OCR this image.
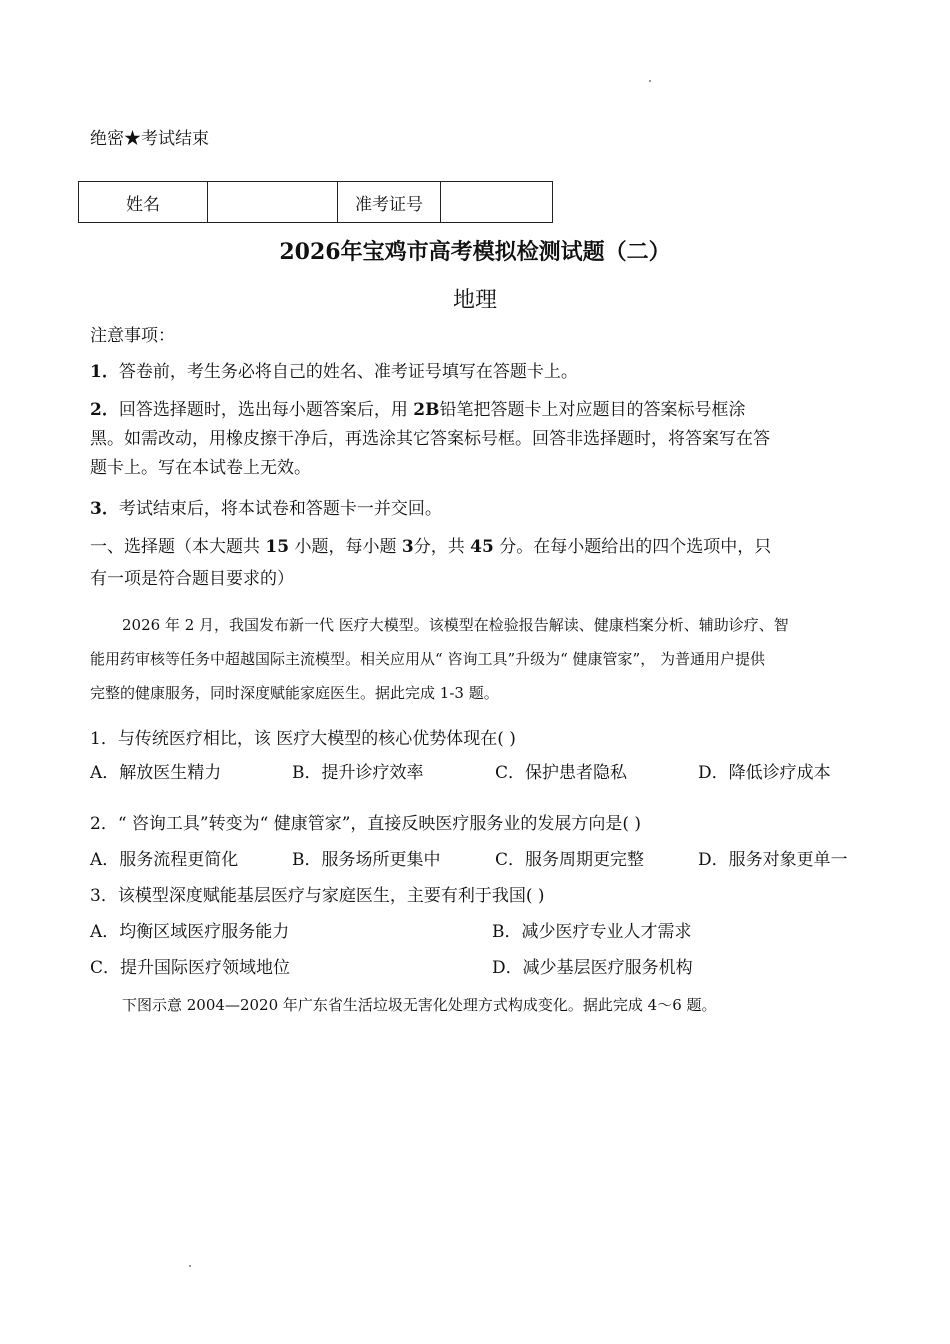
绝密★考试结束
姓名		准考证号	
2026年宝鸡市高考模拟检测试题（二）
地理
注意事项：
1．答卷前，考生务必将自己的姓名、准考证号填写在答题卡上。
2．回答选择题时，选出每小题答案后，用 2B铅笔把答题卡上对应题目的答案标号框涂
黑。如需改动，用橡皮擦干净后，再选涂其它答案标号框。回答非选择题时，将答案写在答
题卡上。写在本试卷上无效。
3．考试结束后，将本试卷和答题卡一并交回。
一、选择题（本大题共 15 小题，每小题 3分，共 45 分。在每小题给出的四个选项中，只
有一项是符合题目要求的）
2026 年 2 月，我国发布新一代 医疗大模型。该模型在检验报告解读、健康档案分析、辅助诊疗、智
能用药审核等任务中超越国际主流模型。相关应用从“ 咨询工具”升级为“ 健康管家”， 为普通用户提供
完整的健康服务，同时深度赋能家庭医生。据此完成 1-3 题。
1．与传统医疗相比，该 医疗大模型的核心优势体现在( )
A．解放医生精力	B．提升诊疗效率	C．保护患者隐私	D．降低诊疗成本
2．“ 咨询工具”转变为“ 健康管家”，直接反映医疗服务业的发展方向是( )
A．服务流程更简化	B．服务场所更集中	C．服务周期更完整	D．服务对象更单一
3．该模型深度赋能基层医疗与家庭医生，主要有利于我国( )
A．均衡区域医疗服务能力	B．减少医疗专业人才需求
C．提升国际医疗领域地位	D．减少基层医疗服务机构
下图示意 2004—2020 年广东省生活垃圾无害化处理方式构成变化。据此完成 4～6 题。
